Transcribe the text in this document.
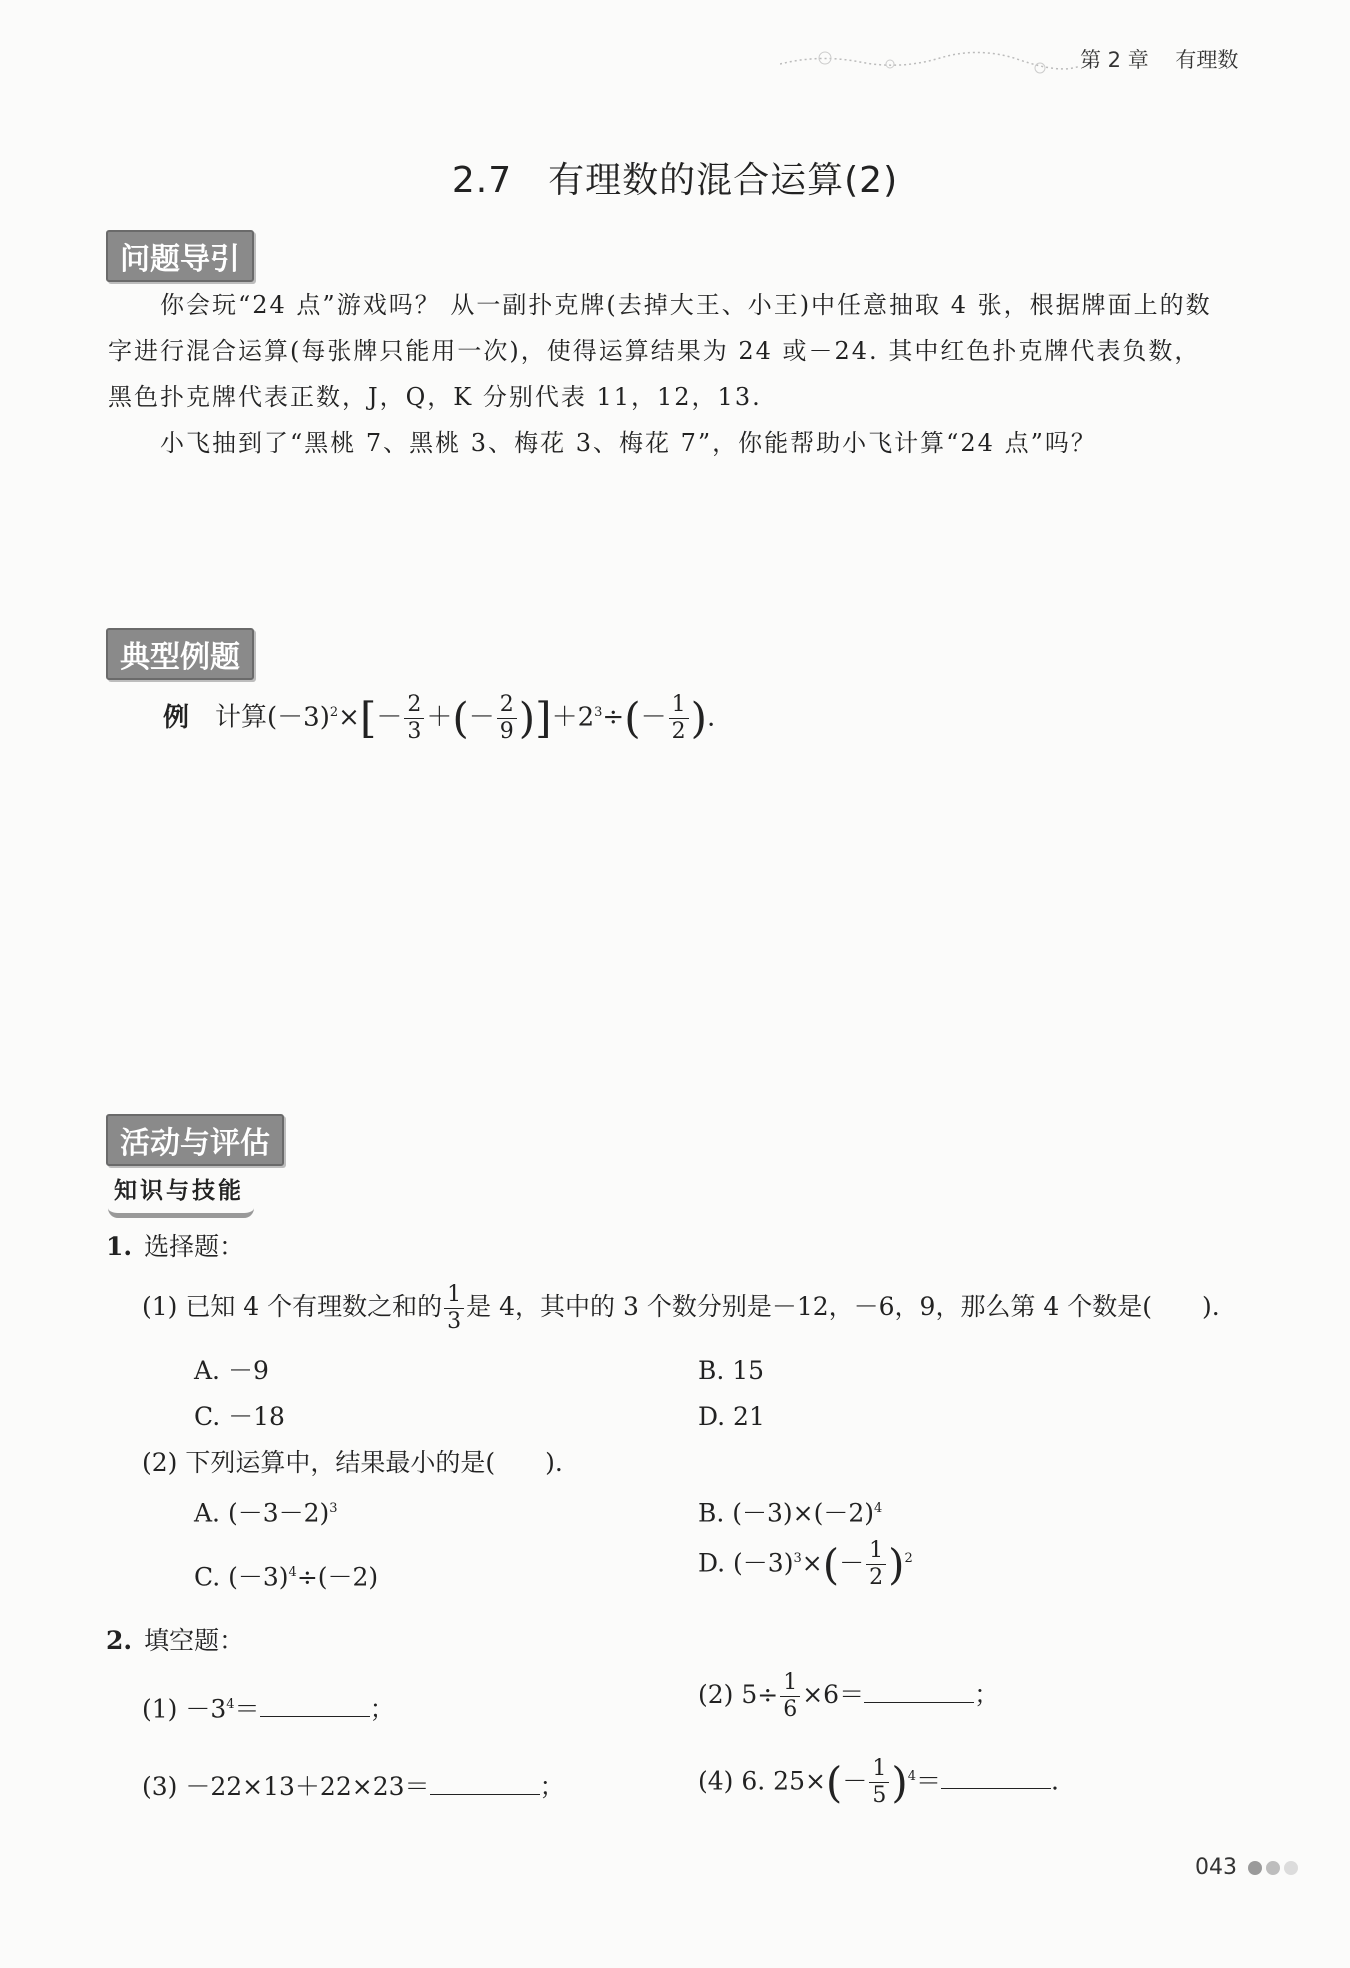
第 2 章 有理数
2.7 有理数的混合运算(2)
问题导引
你会玩“24 点”游戏吗？ 从一副扑克牌(去掉大王、小王)中任意抽取 4 张，根据牌面上的数
字进行混合运算(每张牌只能用一次)，使得运算结果为 24 或－24. 其中红色扑克牌代表负数，
黑色扑克牌代表正数，J，Q，K 分别代表 11，12，13.
小飞抽到了“黑桃 7、黑桃 3、梅花 3、梅花 7”，你能帮助小飞计算“24 点”吗？
典型例题
例 计算$(-3)^2\times[- \frac{2}{3}$ ＋(－ $\frac{2}{9} )]+2^3\div(- \frac{1}{2}$ ).
活动与评估
知识与技能
1. 选择题：
(1) 已知 4 个有理数之和的 $\frac{1}{3}$ 是 4，其中的 3 个数分别是－12，－6，9，那么第 4 个数是(　　).
A. －9	B. 15
C. －18	D. 21
(2) 下列运算中，结果最小的是(　　).
A. $(-3-2)^3$	B. $(-3)\times(-2)^4$
C. $(-3)^4\div(-2)$	D. $(-3)^3\times(- \frac{1}{2} )^2$
2. 填空题：
$(1) -3^4=$	；	(2) $5\div \frac{1}{6} \times 6=$	；
(3) －22×13＋22×23＝	；	(4) 6. $25\times(- \frac{1}{5} )^4=$	.
043
